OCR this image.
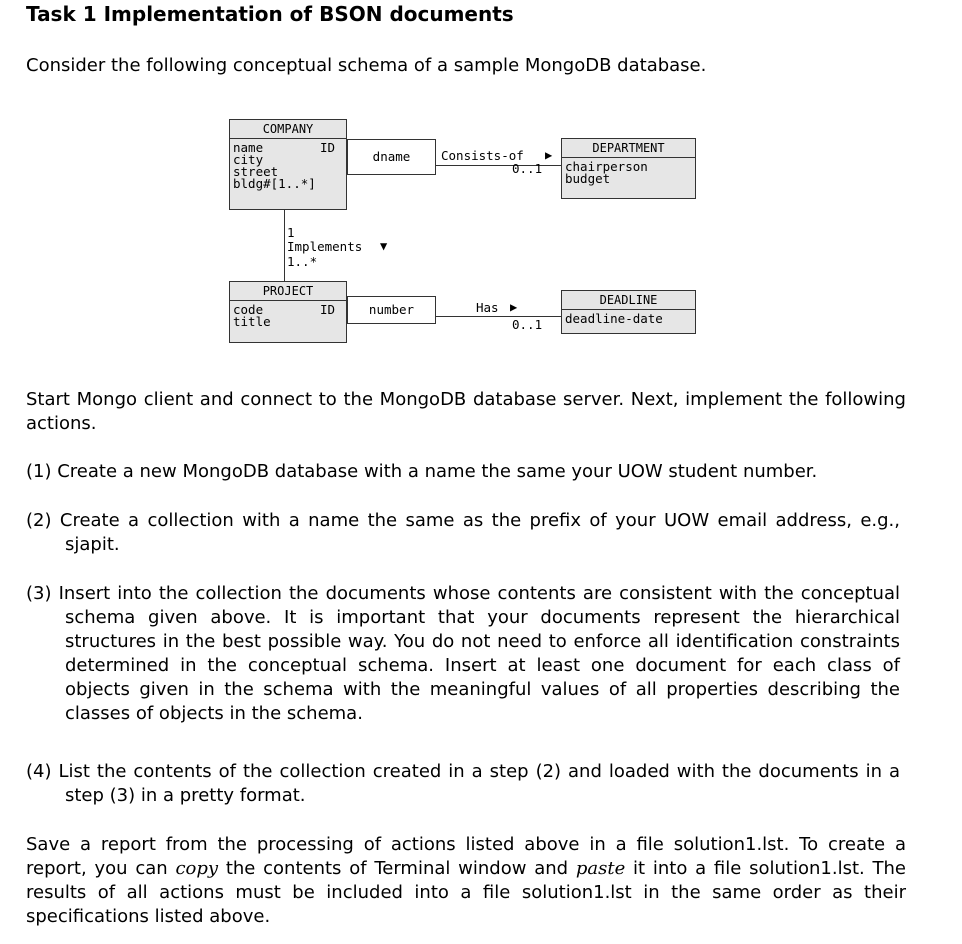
Task 1 Implementation of BSON documents

Consider the following conceptual schema of a sample MongoDB database.

COMPANY
name
city
street
bldg#[1..*]
ID
dname	Consists-of ▶
0..1
DEPARTMENT
chairperson
budget
1
Implements ▼
1..*
PROJECT
code
title
ID	number	Has ▶
0..1
DEADLINE
deadline-date

Start Mongo client and connect to the MongoDB database server. Next, implement the following actions.

(1) Create a new MongoDB database with a name the same your UOW student number.

(2) Create a collection with a name the same as the prefix of your UOW email address, e.g., sjapit.

(3) Insert into the collection the documents whose contents are consistent with the conceptual schema given above. It is important that your documents represent the hierarchical structures in the best possible way. You do not need to enforce all identification constraints determined in the conceptual schema. Insert at least one document for each class of objects given in the schema with the meaningful values of all properties describing the classes of objects in the schema.

(4) List the contents of the collection created in a step (2) and loaded with the documents in a step (3) in a pretty format.

Save a report from the processing of actions listed above in a file solution1.lst. To create a report, you can copy the contents of Terminal window and paste it into a file solution1.lst. The results of all actions must be included into a file solution1.lst in the same order as their specifications listed above.
